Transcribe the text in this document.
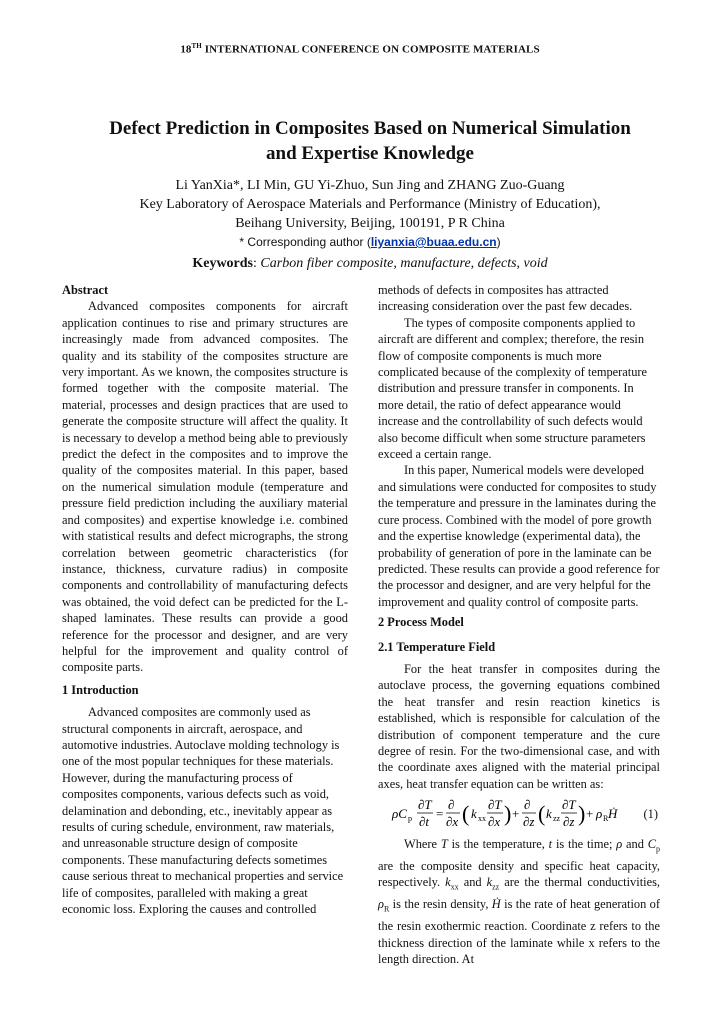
18TH INTERNATIONAL CONFERENCE ON COMPOSITE MATERIALS
Defect Prediction in Composites Based on Numerical Simulation
and Expertise Knowledge
Li YanXia*, LI Min, GU Yi-Zhuo, Sun Jing and ZHANG Zuo-Guang
Key Laboratory of Aerospace Materials and Performance (Ministry of Education),
Beihang University, Beijing, 100191, P R China
* Corresponding author (liyanxia@buaa.edu.cn)
Keywords: Carbon fiber composite, manufacture, defects, void
Abstract

Advanced composites components for aircraft application continues to rise and primary structures are increasingly made from advanced composites. The quality and its stability of the composites structure are very important. As we known, the composites structure is formed together with the composite material. The material, processes and design practices that are used to generate the composite structure will affect the quality. It is necessary to develop a method being able to previously predict the defect in the composites and to improve the quality of the composites material. In this paper, based on the numerical simulation module (temperature and pressure field prediction including the auxiliary material and composites) and expertise knowledge i.e. combined with statistical results and defect micrographs, the strong correlation between geometric characteristics (for instance, thickness, curvature radius) in composite components and controllability of manufacturing defects was obtained, the void defect can be predicted for the L-shaped laminates. These results can provide a good reference for the processor and designer, and are very helpful for the improvement and quality control of composite parts.

1 Introduction

Advanced composites are commonly used as structural components in aircraft, aerospace, and automotive industries. Autoclave molding technology is one of the most popular techniques for these materials. However, during the manufacturing process of composites components, various defects such as void, delamination and debonding, etc., inevitably appear as results of curing schedule, environment, raw materials, and unreasonable structure design of composite components. These manufacturing defects sometimes cause serious threat to mechanical properties and service life of composites, paralleled with making a great economic loss. Exploring the causes and controlled

methods of defects in composites has attracted increasing consideration over the past few decades.

The types of composite components applied to aircraft are different and complex; therefore, the resin flow of composite components is much more complicated because of the complexity of temperature distribution and pressure transfer in components. In more detail, the ratio of defect appearance would increase and the controllability of such defects would also become difficult when some structure parameters exceed a certain range.

In this paper, Numerical models were developed and simulations were conducted for composites to study the temperature and pressure in the laminates during the cure process. Combined with the model of pore growth and the expertise knowledge (experimental data), the probability of generation of pore in the laminate can be predicted. These results can provide a good reference for the processor and designer, and are very helpful for the improvement and quality control of composite parts.

2 Process Model
2.1 Temperature Field

For the heat transfer in composites during the autoclave process, the governing equations combined the heat transfer and resin reaction kinetics is established, which is responsible for calculation of the distribution of component temperature and the cure degree of resin. For the two-dimensional case, and with the coordinate axes aligned with the material principal axes, heat transfer equation can be written as:

ρC p
∂T
∂t
=
∂
∂x ( k xx
∂T
∂x ) +
∂
∂z ( k zz
∂T
∂z ) + ρ R Ḣ (1)

Where T is the temperature, t is the time; ρ and $C_p$ are the composite density and specific heat capacity, respectively. $k_{xx}$ and $k_{zz}$ are the thermal conductivities, $\rho_R$ is the resin density, Ḣ is the rate of heat generation of the resin exothermic reaction. Coordinate z refers to the thickness direction of the laminate while x refers to the length direction. At
